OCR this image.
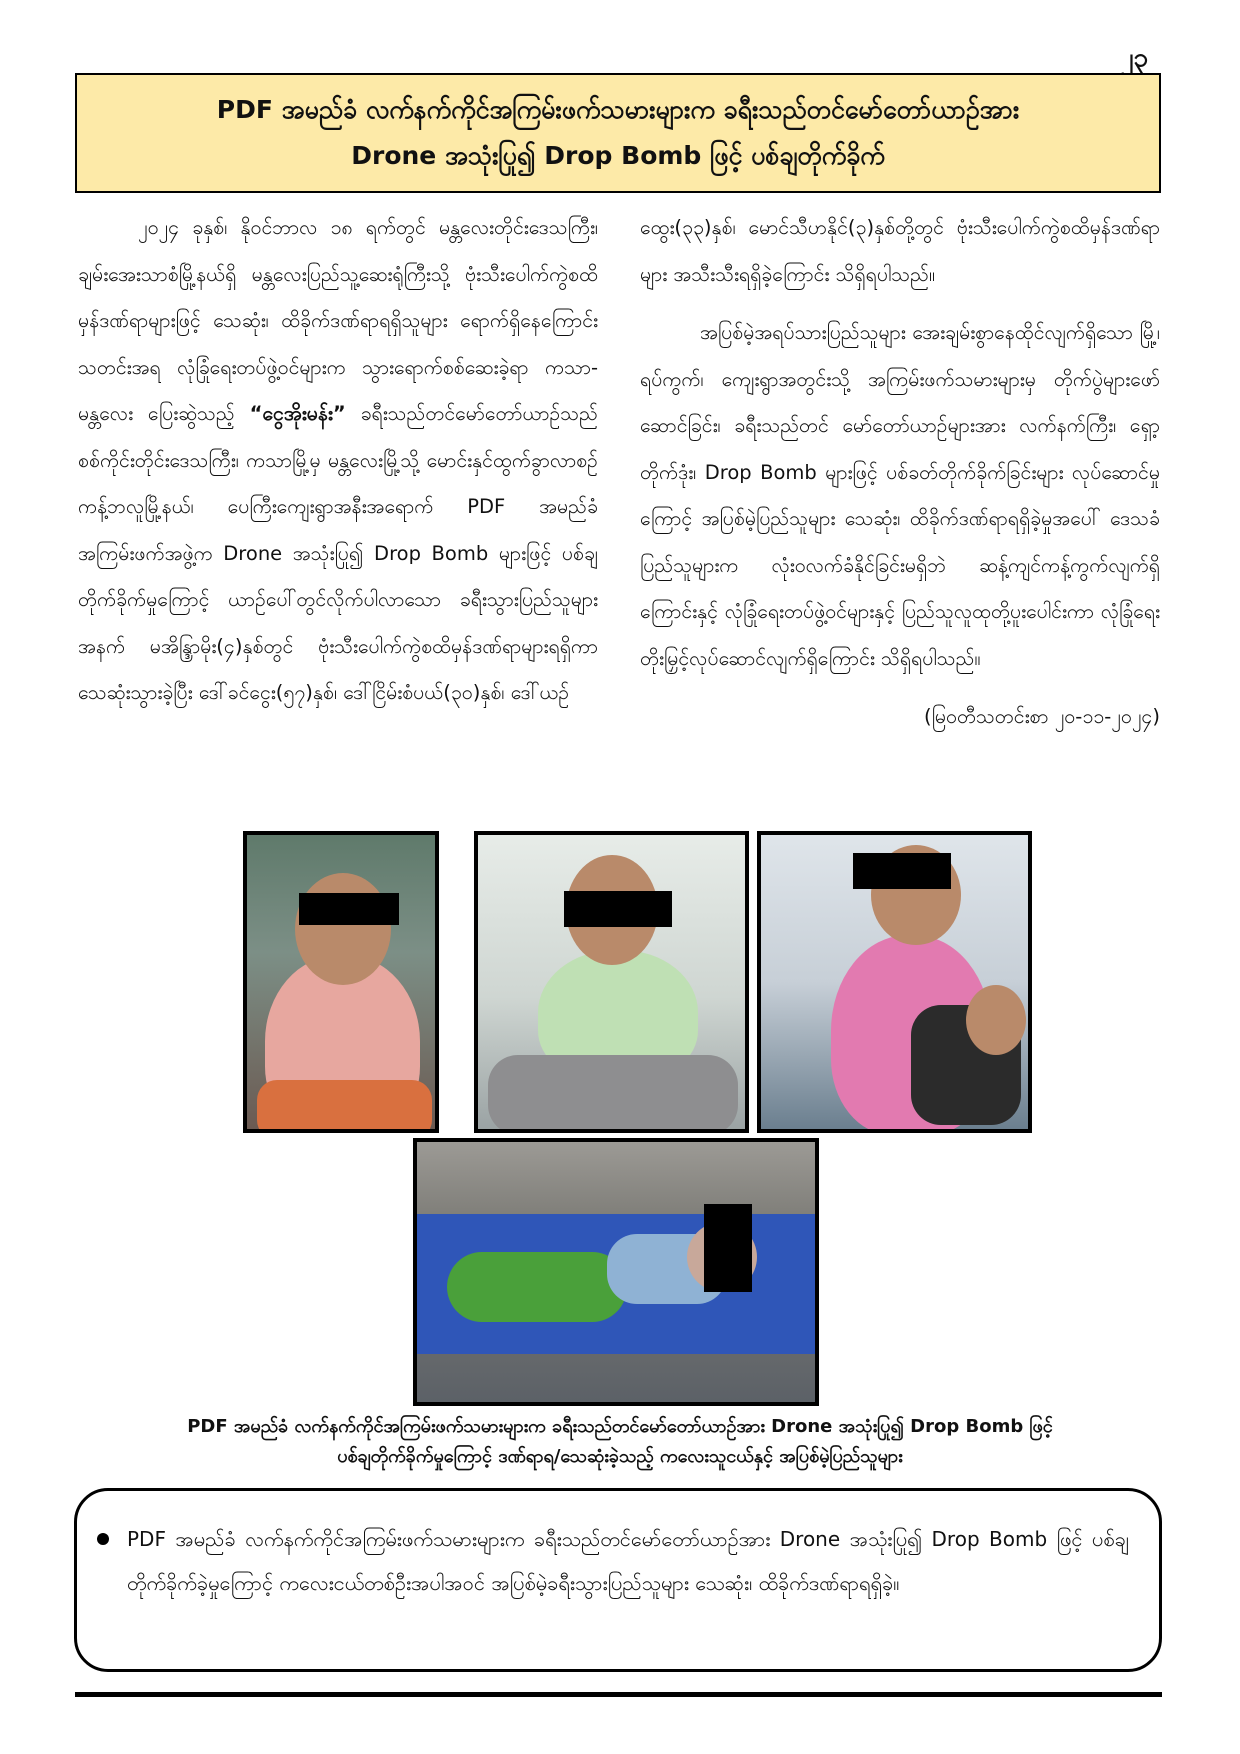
၂၃
PDF အမည်ခံ လက်နက်ကိုင်အကြမ်းဖက်သမားများက ခရီးသည်တင်မော်တော်ယာဉ်အား
Drone အသုံးပြု၍ Drop Bomb ဖြင့် ပစ်ချတိုက်ခိုက်

၂၀၂၄ ခုနှစ်၊ နိုဝင်ဘာလ ၁၈ ရက်တွင် မန္တလေးတိုင်းဒေသကြီး၊ ချမ်းအေးသာစံမြို့နယ်ရှိ မန္တလေးပြည်သူ့ဆေးရုံကြီးသို့ ဗုံးသီးပေါက်ကွဲစထိမှန်ဒဏ်ရာများဖြင့် သေဆုံး၊ ထိခိုက်ဒဏ်ရာရရှိသူများ ရောက်ရှိနေကြောင်းသတင်းအရ လုံခြုံရေးတပ်ဖွဲ့ဝင်များက သွားရောက်စစ်ဆေးခဲ့ရာ ကသာ-မန္တလေး ပြေးဆွဲသည့် “ငွေအိုးမန်း” ခရီးသည်တင်မော်တော်ယာဉ်သည် စစ်ကိုင်းတိုင်းဒေသကြီး၊ ကသာမြို့မှ မန္တလေးမြို့သို့ မောင်းနှင်ထွက်ခွာလာစဉ် ကန့်ဘလူမြို့နယ်၊ ပေကြီးကျေးရွာအနီးအရောက် PDF အမည်ခံ အကြမ်းဖက်အဖွဲ့က Drone အသုံးပြု၍ Drop Bomb များဖြင့် ပစ်ချတိုက်ခိုက်မှုကြောင့် ယာဉ်ပေါ်တွင်လိုက်ပါလာသော ခရီးသွားပြည်သူများအနက် မအိန္ဒြာမိုး(၄)နှစ်တွင် ဗုံးသီးပေါက်ကွဲစထိမှန်ဒဏ်ရာများရရှိကာ သေဆုံးသွားခဲ့ပြီး ဒေါ်ခင်ငွေး(၅၇)နှစ်၊ ဒေါ်ငြိမ်းစံပယ်(၃၀)နှစ်၊ ဒေါ်ယဉ်

ထွေး(၃၃)နှစ်၊ မောင်သီဟနိုင်(၃)နှစ်တို့တွင် ဗုံးသီးပေါက်ကွဲစထိမှန်ဒဏ်ရာများ အသီးသီးရရှိခဲ့ကြောင်း သိရှိရပါသည်။

အပြစ်မဲ့အရပ်သားပြည်သူများ အေးချမ်းစွာနေထိုင်လျက်ရှိသော မြို့၊ ရပ်ကွက်၊ ကျေးရွာအတွင်းသို့ အကြမ်းဖက်သမားများမှ တိုက်ပွဲများဖော်ဆောင်ခြင်း၊ ခရီးသည်တင် မော်တော်ယာဉ်များအား လက်နက်ကြီး၊ ရှော့တိုက်ဒုံး၊ Drop Bomb များဖြင့် ပစ်ခတ်တိုက်ခိုက်ခြင်းများ လုပ်ဆောင်မှုကြောင့် အပြစ်မဲ့ပြည်သူများ သေဆုံး၊ ထိခိုက်ဒဏ်ရာရရှိခဲ့မှုအပေါ် ဒေသခံပြည်သူများက လုံးဝလက်ခံနိုင်ခြင်းမရှိဘဲ ဆန့်ကျင်ကန့်ကွက်လျက်ရှိကြောင်းနှင့် လုံခြုံရေးတပ်ဖွဲ့ဝင်များနှင့် ပြည်သူလူထုတို့ပူးပေါင်းကာ လုံခြုံရေးတိုးမြှင့်လုပ်ဆောင်လျက်ရှိကြောင်း သိရှိရပါသည်။

(မြဝတီသတင်းစာ ၂၀-၁၁-၂၀၂၄)

PDF အမည်ခံ လက်နက်ကိုင်အကြမ်းဖက်သမားများက ခရီးသည်တင်မော်တော်ယာဉ်အား Drone အသုံးပြု၍ Drop Bomb ဖြင့်
ပစ်ချတိုက်ခိုက်မှုကြောင့် ဒဏ်ရာရ/သေဆုံးခဲ့သည့် ကလေးသူငယ်နှင့် အပြစ်မဲ့ပြည်သူများ
PDF အမည်ခံ လက်နက်ကိုင်အကြမ်းဖက်သမားများက ခရီးသည်တင်မော်တော်ယာဉ်အား Drone အသုံးပြု၍ Drop Bomb ဖြင့် ပစ်ချတိုက်ခိုက်ခဲ့မှုကြောင့် ကလေးငယ်တစ်ဦးအပါအဝင် အပြစ်မဲ့ခရီးသွားပြည်သူများ သေဆုံး၊ ထိခိုက်ဒဏ်ရာရရှိခဲ့။
